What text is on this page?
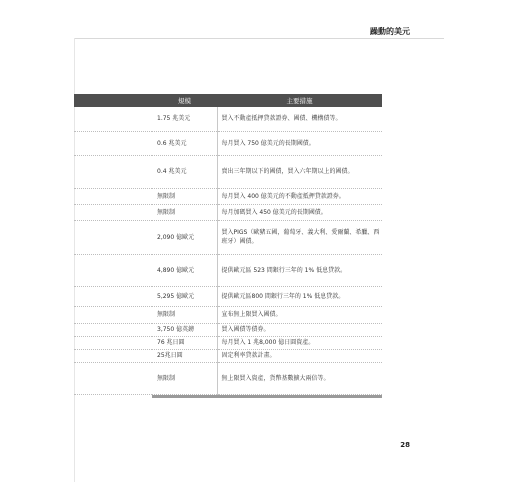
躁動的美元
	規模	主要措施
	1.75 兆美元	買入不動產抵押貸款證券、國債、機構債等。
	0.6 兆美元	每月買入 750 億美元的長期國債。
	0.4 兆美元	賣出三年期以下的國債，買入六年期以上的國債。
	無限制	每月買入 400 億美元的不動產抵押貸款證券。
	無限制	每月加碼買入 450 億美元的長期國債。
	2,090 億歐元	買入PIGS（歐豬五國，葡萄牙、義大利、愛爾蘭、希臘、西班牙）國債。
	4,890 億歐元	提供歐元區 523 間銀行三年的 1% 低息貸款。
	5,295 億歐元	提供歐元區800 間銀行三年的 1% 低息貸款。
	無限制	宣布無上限買入國債。
	3,750 億英鎊	買入國債等債券。
	76 兆日圓	每月買入 1 兆8,000 億日圓資產。
	25兆日圓	固定利率貸款計畫。
	無限制	無上限買入資產，貨幣基數擴大兩倍等。
28
